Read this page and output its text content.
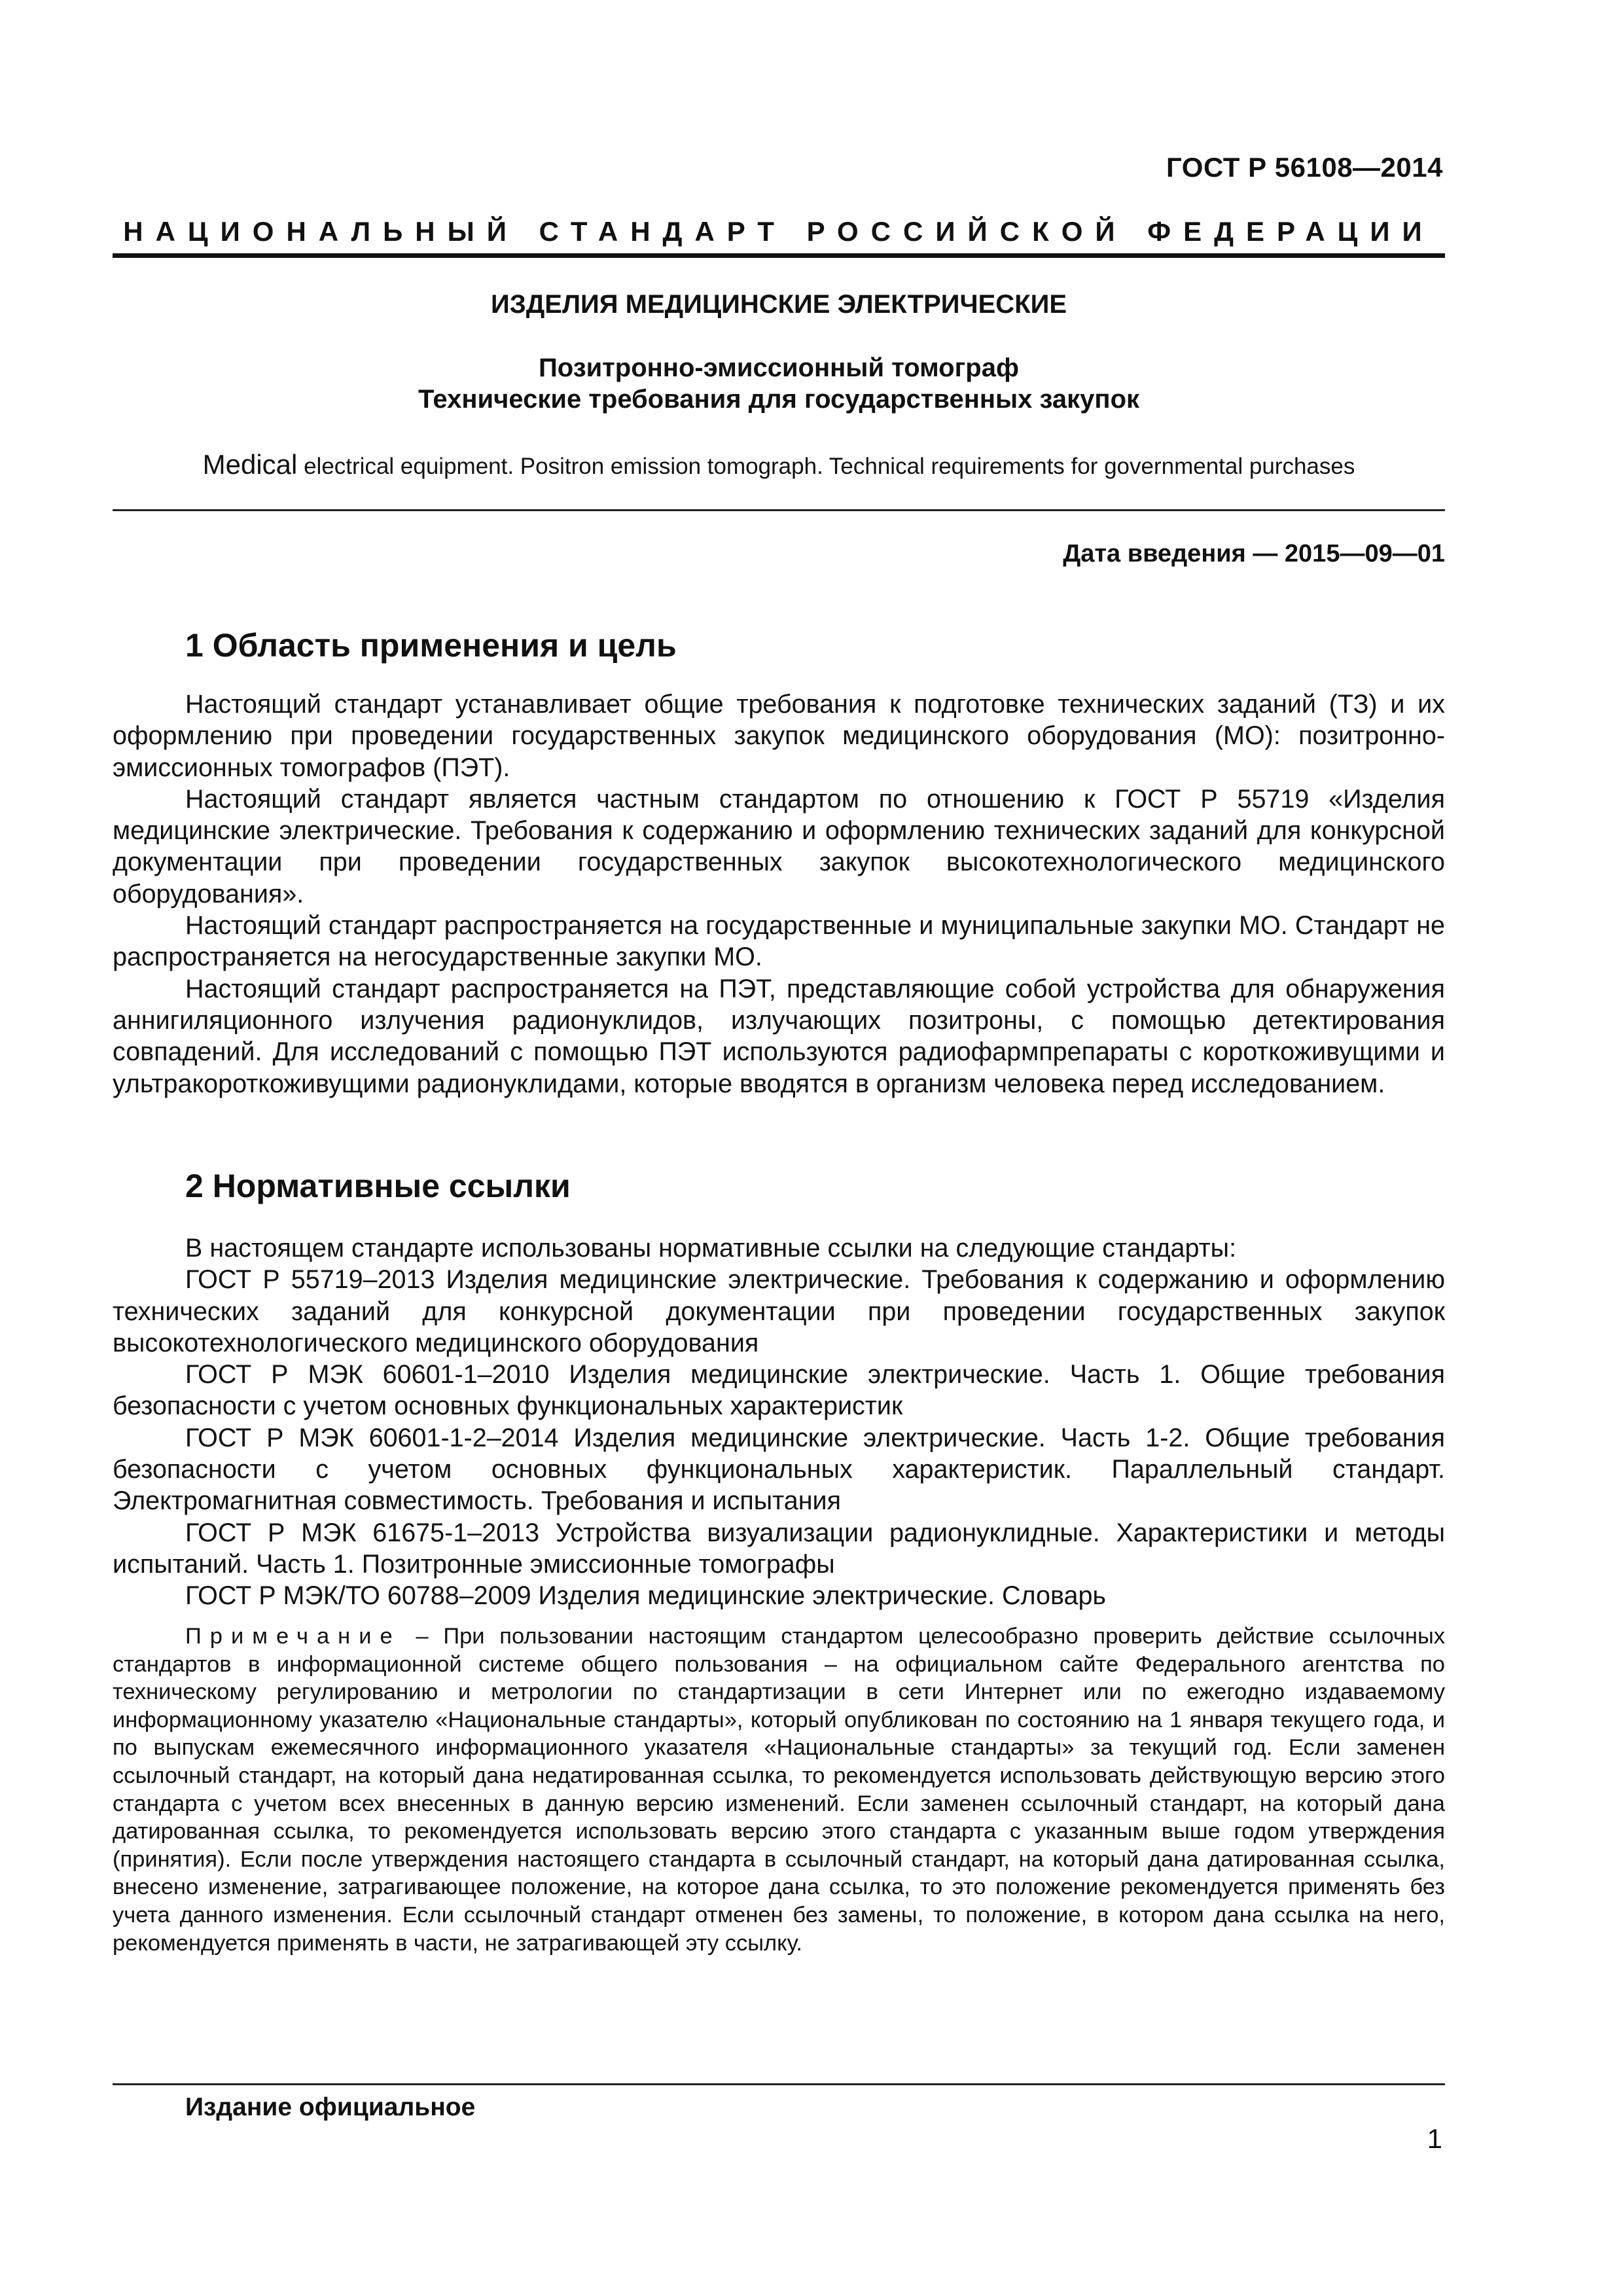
ГОСТ Р 56108—2014
НАЦИОНАЛЬНЫЙ СТАНДАРТ РОССИЙСКОЙ ФЕДЕРАЦИИ
ИЗДЕЛИЯ МЕДИЦИНСКИЕ ЭЛЕКТРИЧЕСКИЕ
Позитронно-эмиссионный томограф
Технические требования для государственных закупок
Medical electrical equipment. Positron emission tomograph. Technical requirements for governmental purchases
Дата введения — 2015—09—01
1 Область применения и цель

Настоящий стандарт устанавливает общие требования к подготовке технических заданий (ТЗ) и их оформлению при проведении государственных закупок медицинского оборудования (МО): позитронно-эмиссионных томографов (ПЭТ).

Настоящий стандарт является частным стандартом по отношению к ГОСТ Р 55719 «Изделия медицинские электрические. Требования к содержанию и оформлению технических заданий для конкурсной документации при проведении государственных закупок высокотехнологического медицинского оборудования».

Настоящий стандарт распространяется на государственные и муниципальные закупки МО. Стандарт не распространяется на негосударственные закупки МО.

Настоящий стандарт распространяется на ПЭТ, представляющие собой устройства для обнаружения аннигиляционного излучения радионуклидов, излучающих позитроны, с помощью детектирования совпадений. Для исследований с помощью ПЭТ используются радиофармпрепараты с короткоживущими и ультракороткоживущими радионуклидами, которые вводятся в организм человека перед исследованием.

2 Нормативные ссылки

В настоящем стандарте использованы нормативные ссылки на следующие стандарты:

ГОСТ Р 55719–2013 Изделия медицинские электрические. Требования к содержанию и оформлению технических заданий для конкурсной документации при проведении государственных закупок высокотехнологического медицинского оборудования

ГОСТ Р МЭК 60601-1–2010 Изделия медицинские электрические. Часть 1. Общие требования безопасности с учетом основных функциональных характеристик

ГОСТ Р МЭК 60601-1-2–2014 Изделия медицинские электрические. Часть 1-2. Общие требования безопасности с учетом основных функциональных характеристик. Параллельный стандарт. Электромагнитная совместимость. Требования и испытания

ГОСТ Р МЭК 61675-1–2013 Устройства визуализации радионуклидные. Характеристики и методы испытаний. Часть 1. Позитронные эмиссионные томографы

ГОСТ Р МЭК/ТО 60788–2009 Изделия медицинские электрические. Словарь

Примечание – При пользовании настоящим стандартом целесообразно проверить действие ссылочных стандартов в информационной системе общего пользования – на официальном сайте Федерального агентства по техническому регулированию и метрологии по стандартизации в сети Интернет или по ежегодно издаваемому информационному указателю «Национальные стандарты», который опубликован по состоянию на 1 января текущего года, и по выпускам ежемесячного информационного указателя «Национальные стандарты» за текущий год. Если заменен ссылочный стандарт, на который дана недатированная ссылка, то рекомендуется использовать действующую версию этого стандарта с учетом всех внесенных в данную версию изменений. Если заменен ссылочный стандарт, на который дана датированная ссылка, то рекомендуется использовать версию этого стандарта с указанным выше годом утверждения (принятия). Если после утверждения настоящего стандарта в ссылочный стандарт, на который дана датированная ссылка, внесено изменение, затрагивающее положение, на которое дана ссылка, то это положение рекомендуется применять без учета данного изменения. Если ссылочный стандарт отменен без замены, то положение, в котором дана ссылка на него, рекомендуется применять в части, не затрагивающей эту ссылку.

Издание официальное
1
